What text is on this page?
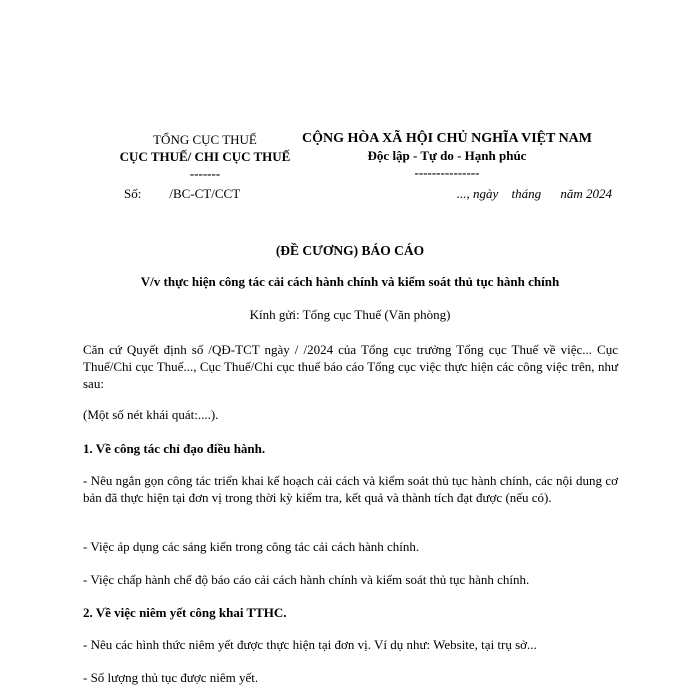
TỔNG CỤC THUẾ
CỤC THUẾ/ CHI CỤC THUẾ
-------
CỘNG HÒA XÃ HỘI CHỦ NGHĨA VIỆT NAM
Độc lập - Tự do - Hạnh phúc
---------------
Số: /BC-CT/CCT	..., ngày tháng năm 2024
(ĐỀ CƯƠNG) BÁO CÁO
V/v thực hiện công tác cải cách hành chính và kiểm soát thủ tục hành chính
Kính gửi: Tổng cục Thuế (Văn phòng)
Căn cứ Quyết định số /QĐ-TCT ngày / /2024 của Tổng cục trưởng Tổng cục Thuế về việc... Cục Thuế/Chi cục Thuế..., Cục Thuế/Chi cục thuế báo cáo Tổng cục việc thực hiện các công việc trên, như sau:
(Một số nét khái quát:....).
1. Về công tác chỉ đạo điều hành.
- Nêu ngắn gọn công tác triển khai kế hoạch cải cách và kiểm soát thủ tục hành chính, các nội dung cơ bản đã thực hiện tại đơn vị trong thời kỳ kiểm tra, kết quả và thành tích đạt được (nếu có).
- Việc áp dụng các sáng kiến trong công tác cải cách hành chính.
- Việc chấp hành chế độ báo cáo cải cách hành chính và kiểm soát thủ tục hành chính.
2. Về việc niêm yết công khai TTHC.
- Nêu các hình thức niêm yết được thực hiện tại đơn vị. Ví dụ như: Website, tại trụ sở...
- Số lượng thủ tục được niêm yết.
